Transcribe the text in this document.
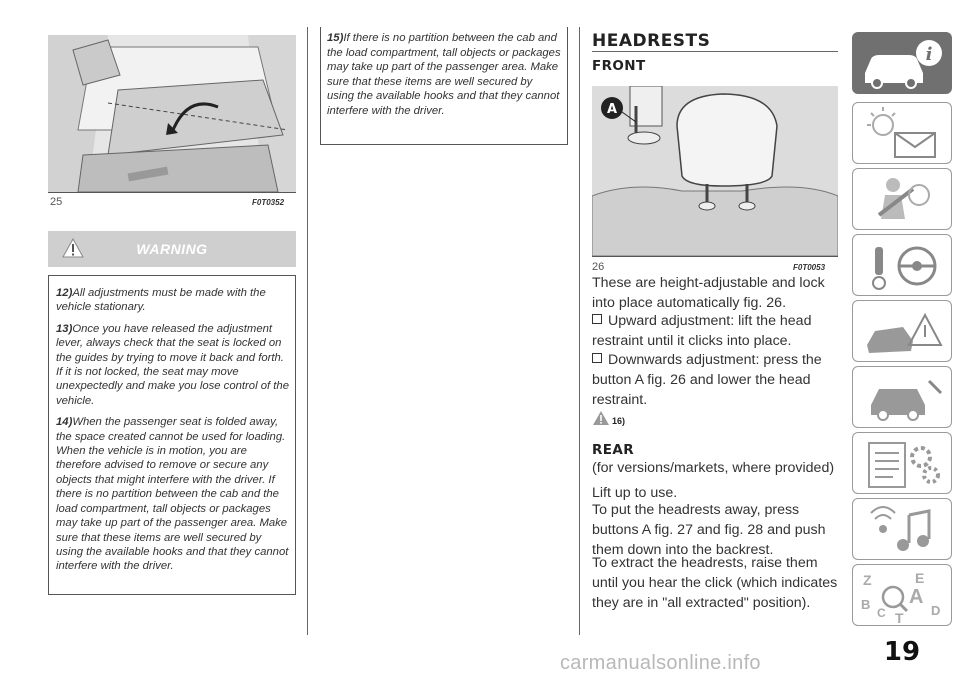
25	F0T0352
WARNING

12)All adjustments must be made with the vehicle stationary.

13)Once you have released the adjustment lever, always check that the seat is locked on the guides by trying to move it back and forth. If it is not locked, the seat may move unexpectedly and make you lose control of the vehicle.

14)When the passenger seat is folded away, the space created cannot be used for loading. When the vehicle is in motion, you are therefore advised to remove or secure any objects that might interfere with the driver. If there is no partition between the cab and the load compartment, tall objects or packages may take up part of the passenger area. Make sure that these items are well secured by using the available hooks and that they cannot interfere with the driver.

15)If there is no partition between the cab and the load compartment, tall objects or packages may take up part of the passenger area. Make sure that these items are well secured by using the available hooks and that they cannot interfere with the driver.
HEADRESTS
FRONT
A
26	F0T0053
These are height-adjustable and lock into place automatically fig. 26.
Upward adjustment: lift the head restraint until it clicks into place.
Downwards adjustment: press the button A fig. 26 and lower the head restraint.
16)
REAR
(for versions/markets, where provided)
Lift up to use.
To put the headrests away, press buttons A fig. 27 and fig. 28 and push them down into the backrest.
To extract the headrests, raise them until you hear the click (which indicates they are in "all extracted" position).
i
Z	E
A
B
C T D
19
carmanualsonline.info
